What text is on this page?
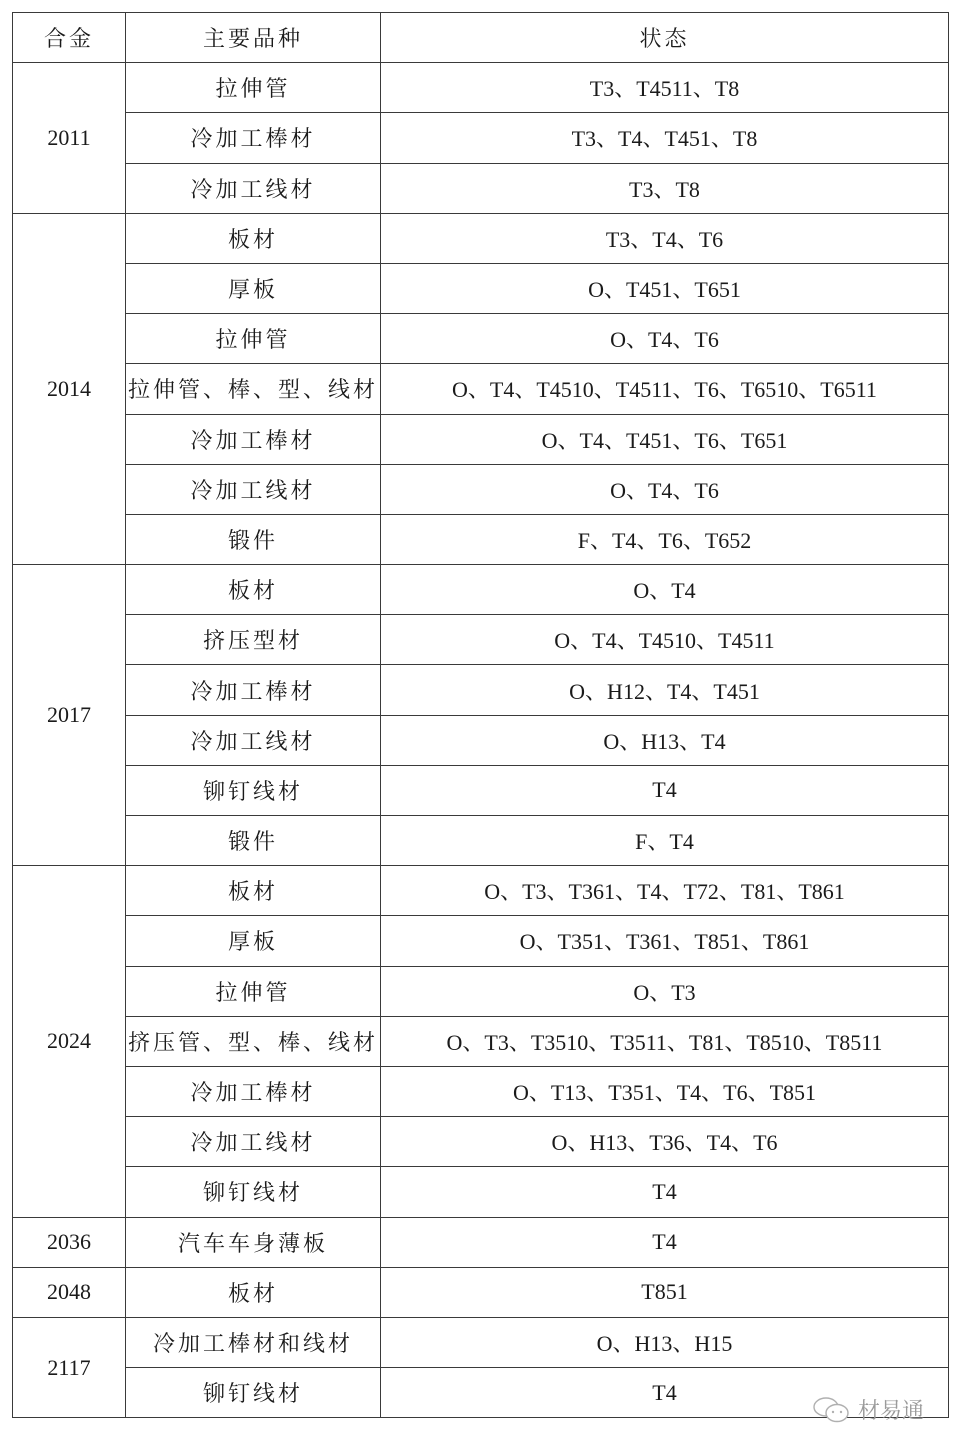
合金	主要品种	状态
2011	拉伸管	T3、T4511、T8
	冷加工棒材	T3、T4、T451、T8
	冷加工线材	T3、T8
2014	板材	T3、T4、T6
	厚板	O、T451、T651
	拉伸管	O、T4、T6
	拉伸管、棒、型、线材	O、T4、T4510、T4511、T6、T6510、T6511
	冷加工棒材	O、T4、T451、T6、T651
	冷加工线材	O、T4、T6
	锻件	F、T4、T6、T652
2017	板材	O、T4
	挤压型材	O、T4、T4510、T4511
	冷加工棒材	O、H12、T4、T451
	冷加工线材	O、H13、T4
	铆钉线材	T4
	锻件	F、T4
2024	板材	O、T3、T361、T4、T72、T81、T861
	厚板	O、T351、T361、T851、T861
	拉伸管	O、T3
	挤压管、型、棒、线材	O、T3、T3510、T3511、T81、T8510、T8511
	冷加工棒材	O、T13、T351、T4、T6、T851
	冷加工线材	O、H13、T36、T4、T6
	铆钉线材	T4
2036	汽车车身薄板	T4
2048	板材	T851
2117	冷加工棒材和线材	O、H13、H15
	铆钉线材	T4
材易通
